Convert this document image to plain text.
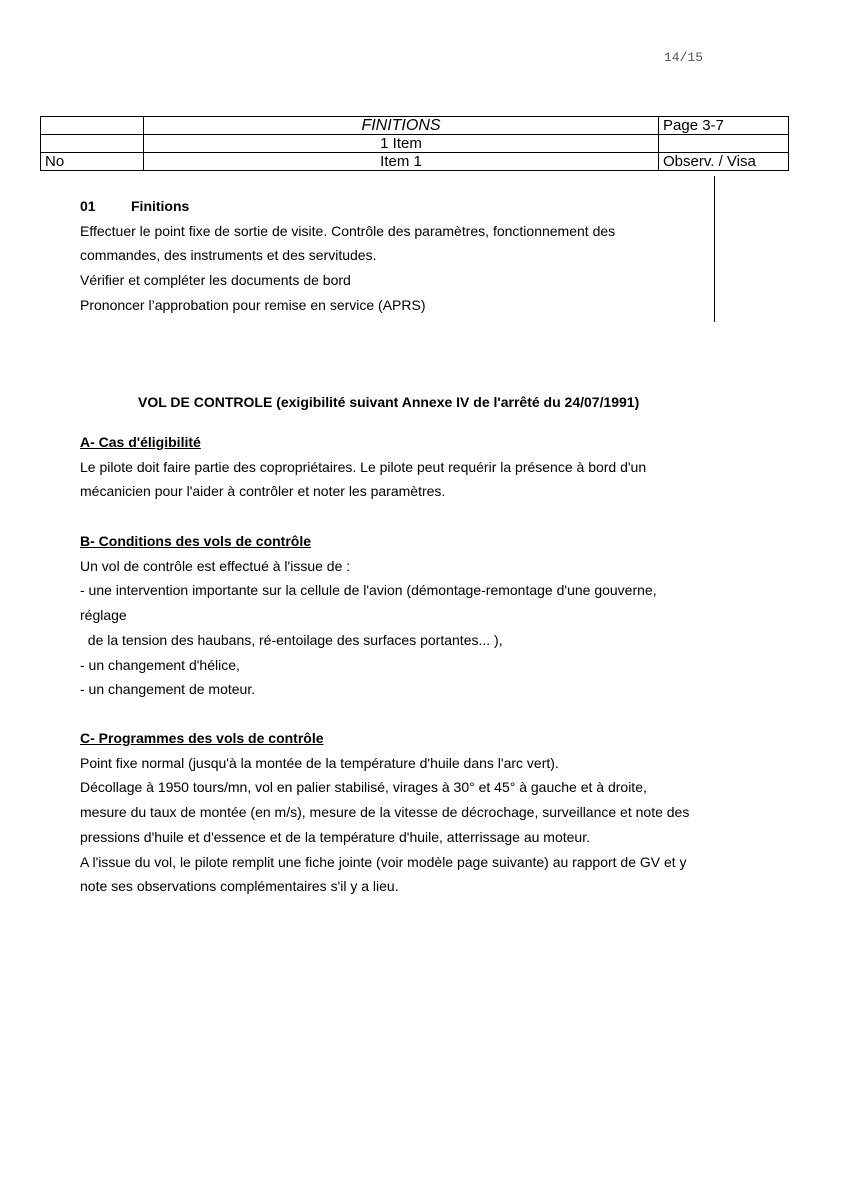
14/15
	FINITIONS	Page 3-7
	1 Item	
No	Item 1	Observ. / Visa
01	Finitions
Effectuer le point fixe de sortie de visite. Contrôle des paramètres, fonctionnement des
commandes, des instruments et des servitudes.
Vérifier et compléter les documents de bord
Prononcer l’approbation pour remise en service (APRS)
VOL DE CONTROLE (exigibilité suivant Annexe IV de l'arrêté du 24/07/1991)
A- Cas d'éligibilité
Le pilote doit faire partie des copropriétaires. Le pilote peut requérir la présence à bord d'un
mécanicien pour l'aider à contrôler et noter les paramètres.
B- Conditions des vols de contrôle
Un vol de contrôle est effectué à l'issue de :
- une intervention importante sur la cellule de l'avion (démontage-remontage d'une gouverne,
réglage
de la tension des haubans, ré-entoilage des surfaces portantes... ),
- un changement d'hélice,
- un changement de moteur.
C- Programmes des vols de contrôle
Point fixe normal (jusqu'à la montée de la température d'huile dans l'arc vert).
Décollage à 1950 tours/mn, vol en palier stabilisé, virages à 30° et 45° à gauche et à droite,
mesure du taux de montée (en m/s), mesure de la vitesse de décrochage, surveillance et note des
pressions d'huile et d'essence et de la température d'huile, atterrissage au moteur.
A l'issue du vol, le pilote remplit une fiche jointe (voir modèle page suivante) au rapport de GV et y
note ses observations complémentaires s'il y a lieu.
